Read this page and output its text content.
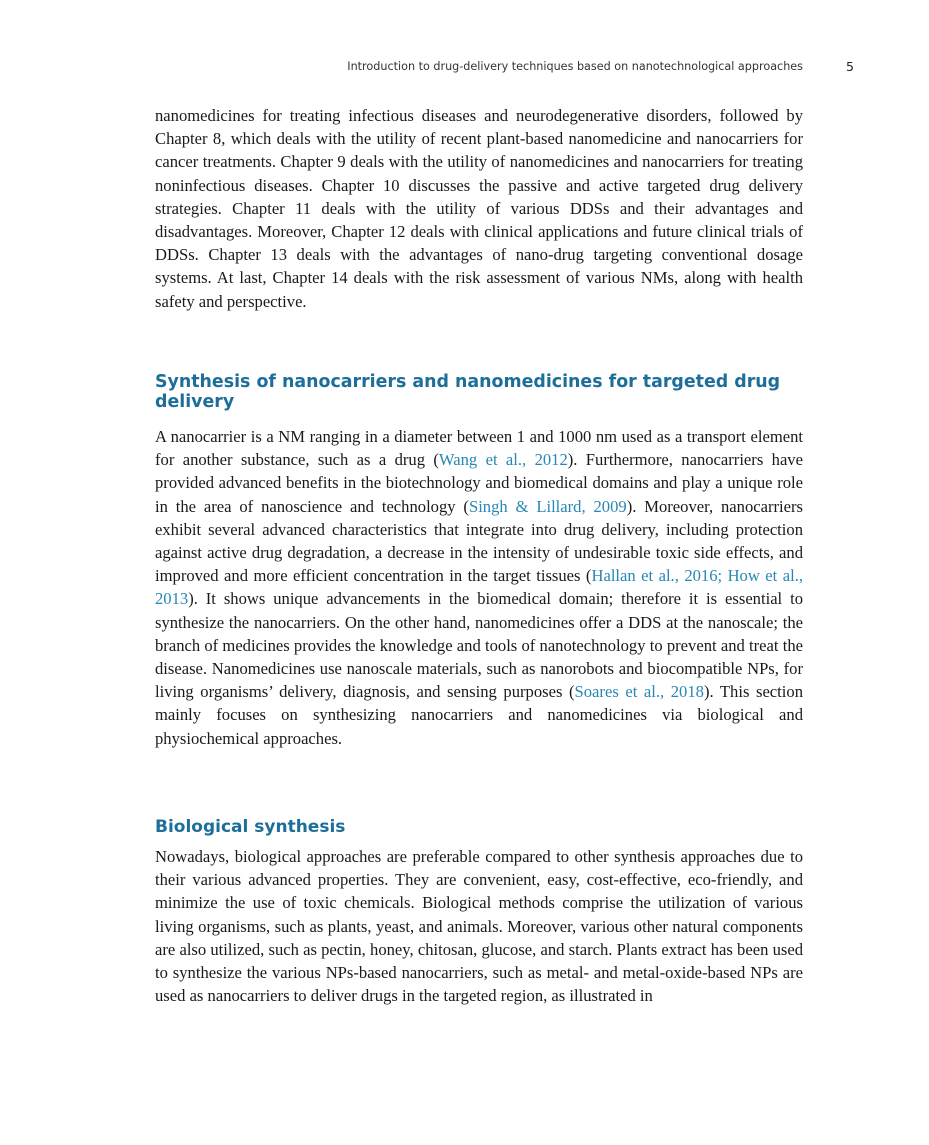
Introduction to drug-delivery techniques based on nanotechnological approaches	5

nanomedicines for treating infectious diseases and neurodegenerative disorders, followed by Chapter 8, which deals with the utility of recent plant-based nanomedicine and nanocarriers for cancer treatments. Chapter 9 deals with the utility of nanomedicines and nanocarriers for treating noninfectious diseases. Chapter 10 discusses the passive and active targeted drug delivery strategies. Chapter 11 deals with the utility of various DDSs and their advantages and disadvantages. Moreover, Chapter 12 deals with clinical applications and future clinical trials of DDSs. Chapter 13 deals with the advantages of nano-drug targeting conventional dosage systems. At last, Chapter 14 deals with the risk assessment of various NMs, along with health safety and perspective.

Synthesis of nanocarriers and nanomedicines for targeted drug delivery

A nanocarrier is a NM ranging in a diameter between 1 and 1000 nm used as a transport element for another substance, such as a drug (Wang et al., 2012). Furthermore, nanocarriers have provided advanced benefits in the biotechnology and biomedical domains and play a unique role in the area of nanoscience and technology (Singh & Lillard, 2009). Moreover, nanocarriers exhibit several advanced characteristics that integrate into drug delivery, including protection against active drug degradation, a decrease in the intensity of undesirable toxic side effects, and improved and more efficient concentration in the target tissues (Hallan et al., 2016; How et al., 2013). It shows unique advancements in the biomedical domain; therefore it is essential to synthesize the nanocarriers. On the other hand, nanomedicines offer a DDS at the nanoscale; the branch of medicines provides the knowledge and tools of nanotechnology to prevent and treat the disease. Nanomedicines use nanoscale materials, such as nanorobots and biocompatible NPs, for living organisms’ delivery, diagnosis, and sensing purposes (Soares et al., 2018). This section mainly focuses on synthesizing nanocarriers and nanomedicines via biological and physiochemical approaches.

Biological synthesis

Nowadays, biological approaches are preferable compared to other synthesis approaches due to their various advanced properties. They are convenient, easy, cost-effective, eco-friendly, and minimize the use of toxic chemicals. Biological methods comprise the utilization of various living organisms, such as plants, yeast, and animals. Moreover, various other natural components are also utilized, such as pectin, honey, chitosan, glucose, and starch. Plants extract has been used to synthesize the various NPs-based nanocarriers, such as metal- and metal-oxide-based NPs are used as nanocarriers to deliver drugs in the targeted region, as illustrated in
